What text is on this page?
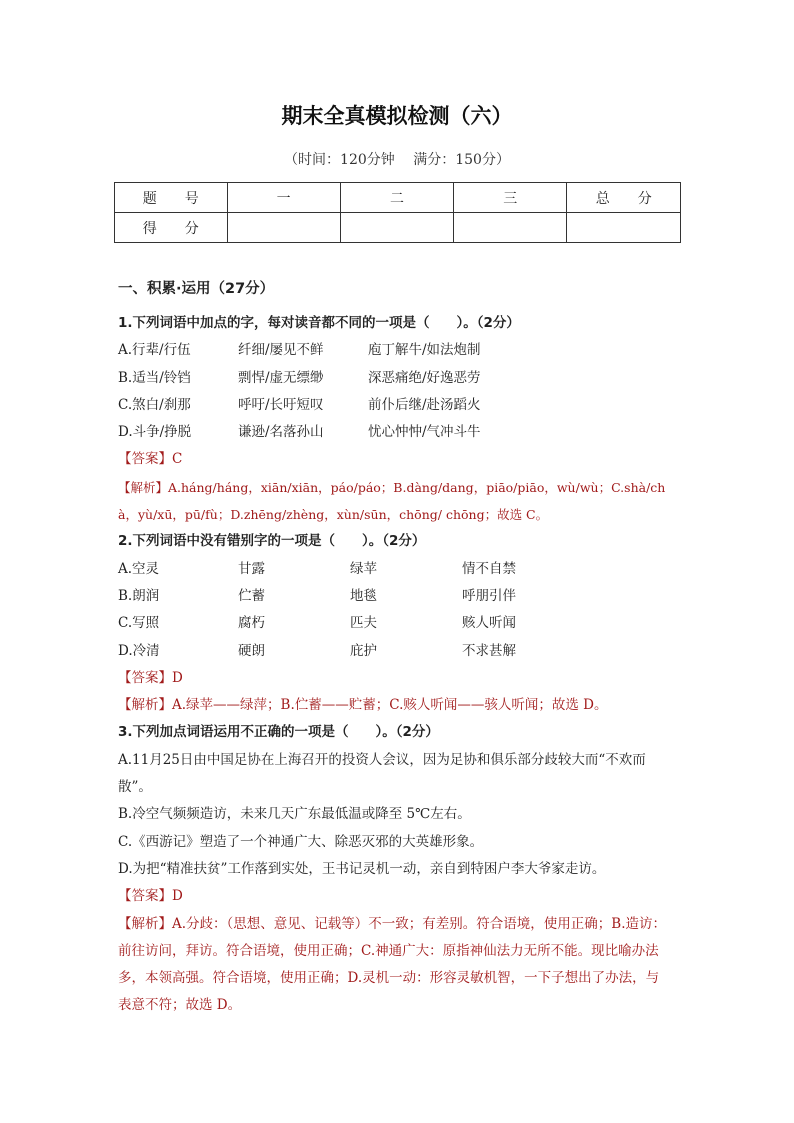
期末全真模拟检测（六）
（时间：120分钟　 满分：150分）
题　　号	一	二	三	总　　分
得　　分				
一、积累·运用（27分）
1.下列词语中加点的字，每对读音都不同的一项是（　　）。（2分）
A.行辈/行伍	纤细/屡见不鲜	庖丁解牛/如法炮制
B.适当/铃铛	剽悍/虚无缥缈	深恶痛绝/好逸恶劳
C.煞白/刹那	呼吁/长吁短叹	前仆后继/赴汤蹈火
D.斗争/挣脱	谦逊/名落孙山	忧心忡忡/气冲斗牛
【答案】C
【解析】A.háng/háng，xiān/xiān，páo/páo；B.dàng/dang，piāo/piāo，wù/wù；C.shà/ch
à，yù/xū，pū/fù；D.zhēng/zhèng，xùn/sūn，chōng/ chōng；故选 C。
2.下列词语中没有错别字的一项是（　　）。（2分）
A.空灵	甘露	绿苹	情不自禁
B.朗润	伫蓄	地毯	呼朋引伴
C.写照	腐朽	匹夫	赅人听闻
D.冷清	硬朗	庇护	不求甚解
【答案】D
【解析】A.绿苹——绿萍；B.伫蓄——贮蓄；C.赅人听闻——骇人听闻；故选 D。
3.下列加点词语运用不正确的一项是（　　）。（2分）
A.11月25日由中国足协在上海召开的投资人会议，因为足协和俱乐部分歧较大而“不欢而
散”。
B.冷空气频频造访，未来几天广东最低温或降至 5℃左右。
C.《西游记》塑造了一个神通广大、除恶灭邪的大英雄形象。
D.为把“精准扶贫”工作落到实处，王书记灵机一动，亲自到特困户李大爷家走访。
【答案】D
【解析】A.分歧：（思想、意见、记载等）不一致；有差别。符合语境，使用正确；B.造访：
前往访问，拜访。符合语境，使用正确；C.神通广大：原指神仙法力无所不能。现比喻办法
多，本领高强。符合语境，使用正确；D.灵机一动：形容灵敏机智，一下子想出了办法，与
表意不符；故选 D。
